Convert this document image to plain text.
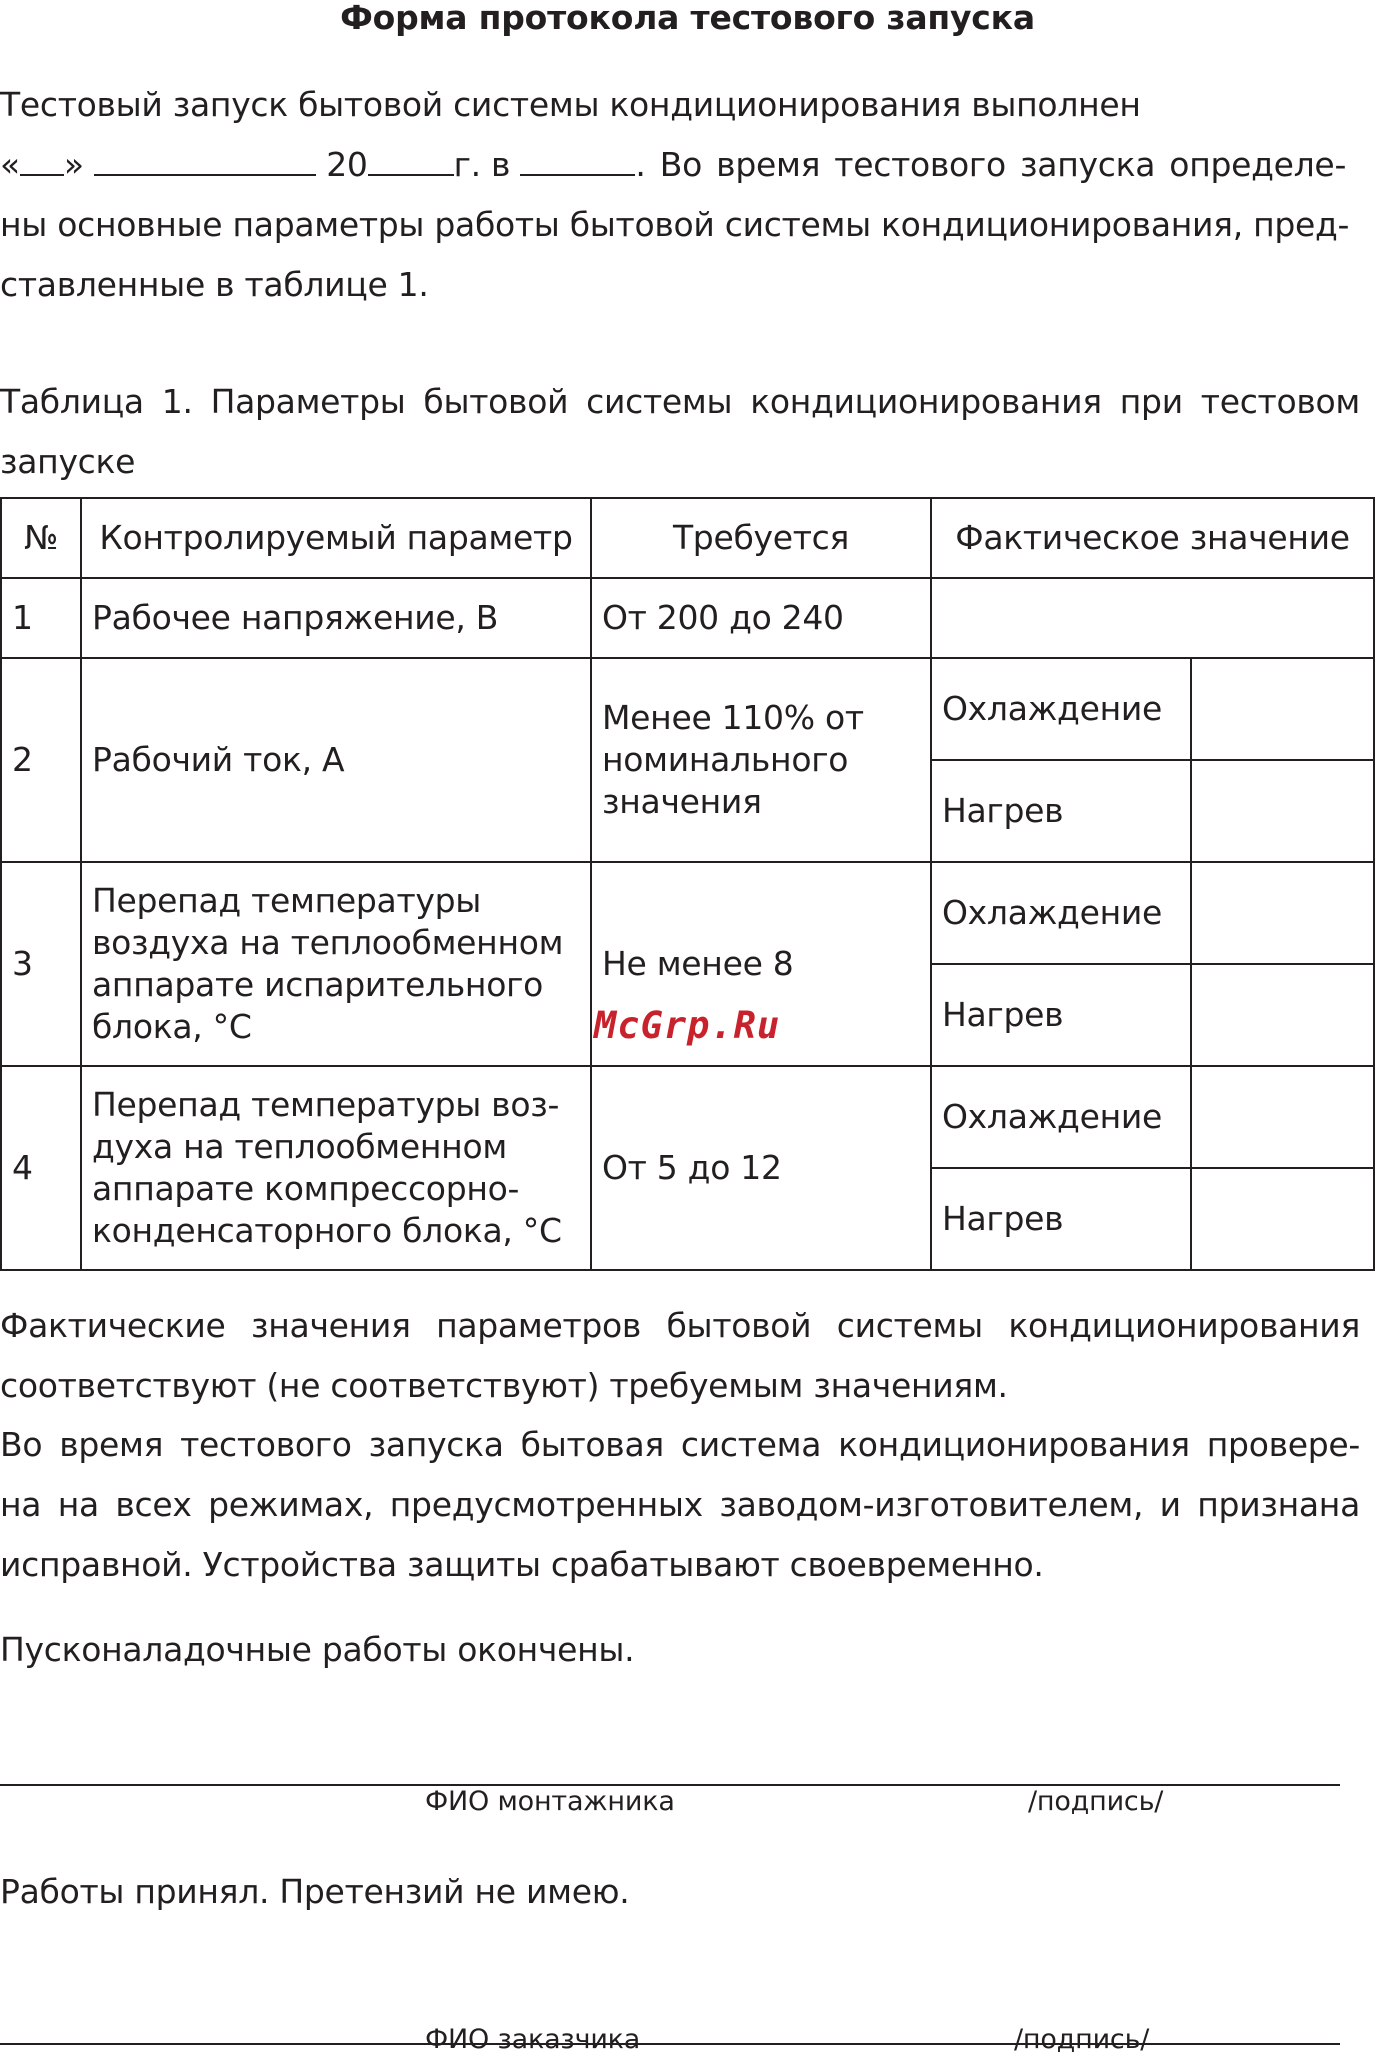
Форма протокола тестового запуска
Тестовый запуск бытовой системы кондиционирования выполнен
« »	20	г. в	. Во время тестового запуска определе-
ны основные параметры работы бытовой системы кондиционирования, пред-
ставленные в таблице 1.
Таблица 1. Параметры бытовой системы кондиционирования при тестовом
запуске
№	Контролируемый параметр	Требуется	Фактическое значение	
1	Рабочее напряжение, В	От 200 до 240		
2	Рабочий ток, А	Менее 110% от номинального значения	Охлаждение	
			Нагрев	
3	Перепад температуры воздуха на теплообменном аппарате испарительного блока, °С	Не менее 8	Охлаждение	
			Нагрев	
4	Перепад температуры воз-духа на теплообменном аппарате компрессорно-конденсаторного блока, °С	От 5 до 12	Охлаждение	
			Нагрев	
McGrp.Ru
Фактические значения параметров бытовой системы кондиционирования
соответствуют (не соответствуют) требуемым значениям.
Во время тестового запуска бытовая система кондиционирования провере-
на на всех режимах, предусмотренных заводом-изготовителем, и признана
исправной. Устройства защиты срабатывают своевременно.
Пусконаладочные работы окончены.
ФИО монтажника	/подпись/
Работы принял. Претензий не имею.
ФИО заказчика	/подпись/
